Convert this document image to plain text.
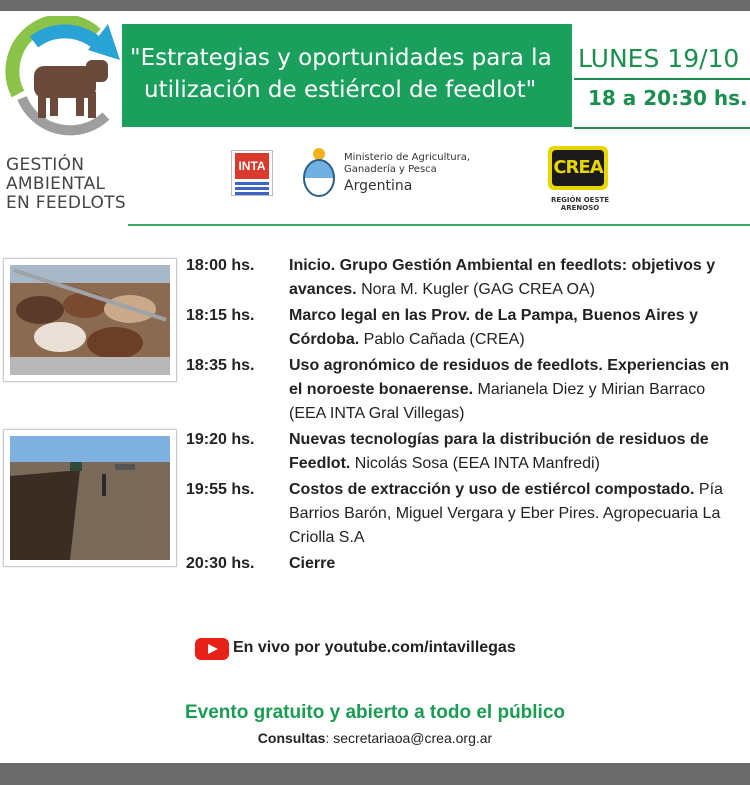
GESTIÓN
AMBIENTAL
EN FEEDLOTS
"Estrategias y oportunidades para la
utilización de estiércol de feedlot"
LUNES 19/10
18 a 20:30 hs.
INTA
Ministerio de Agricultura,
Ganadería y Pesca
Argentina
CREA
REGIÓN OESTE
ARENOSO
18:00 hs.	Inicio. Grupo Gestión Ambiental en feedlots: objetivos y avances. Nora M. Kugler (GAG CREA OA)
18:15 hs.	Marco legal en las Prov. de La Pampa, Buenos Aires y Córdoba. Pablo Cañada (CREA)
18:35 hs.	Uso agronómico de residuos de feedlots. Experiencias en el noroeste bonaerense. Marianela Diez y Mirian Barraco (EEA INTA Gral Villegas)
19:20 hs.	Nuevas tecnologías para la distribución de residuos de Feedlot. Nicolás Sosa (EEA INTA Manfredi)
19:55 hs.	Costos de extracción y uso de estiércol compostado. Pía Barrios Barón, Miguel Vergara y Eber Pires. Agropecuaria La Criolla S.A
20:30 hs.	Cierre
En vivo por youtube.com/intavillegas
Evento gratuito y abierto a todo el público
Consultas: secretariaoa@crea.org.ar
